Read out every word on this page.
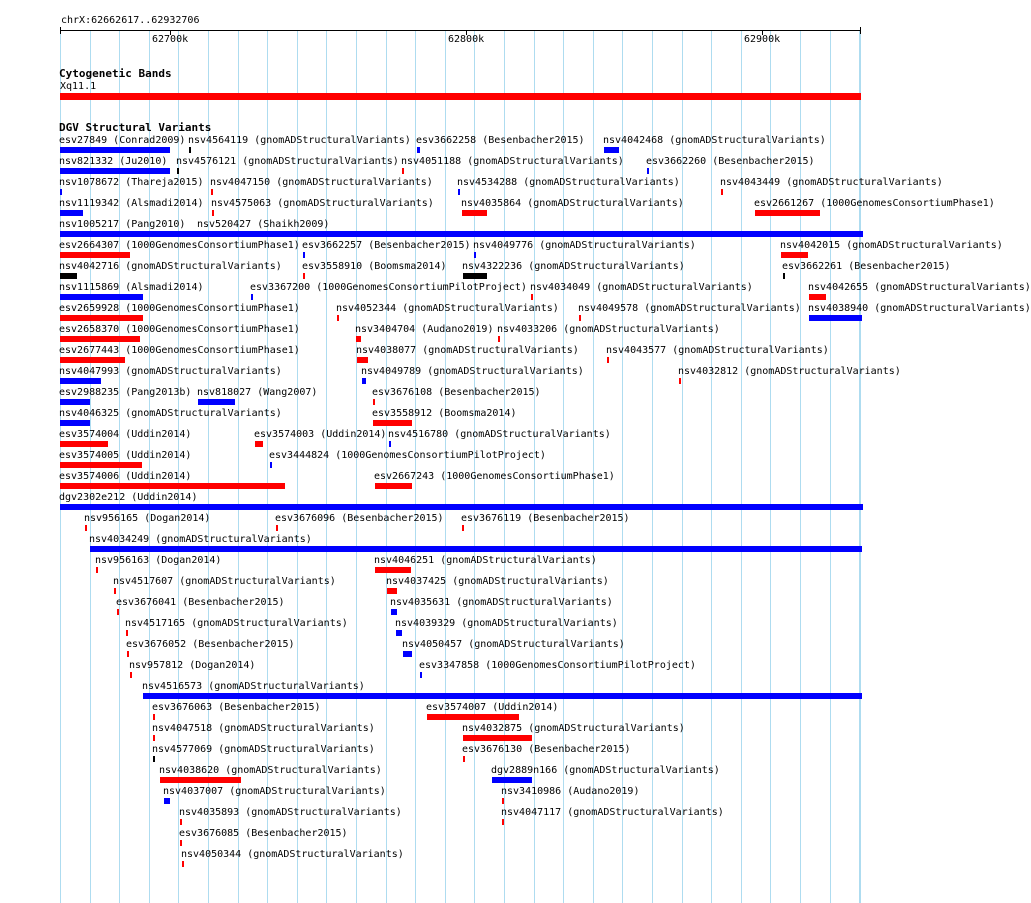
chrX:62662617..62932706
62700k	62800k	62900k
Cytogenetic Bands
Xq11.1
DGV Structural Variants
esv27849 (Conrad2009) nsv4564119 (gnomADStructuralVariants) esv3662258 (Besenbacher2015) nsv4042468 (gnomADStructuralVariants)
nsv821332 (Ju2010) nsv4576121 (gnomADStructuralVariants) nsv4051188 (gnomADStructuralVariants) esv3662260 (Besenbacher2015)
nsv1078672 (Thareja2015) nsv4047150 (gnomADStructuralVariants) nsv4534288 (gnomADStructuralVariants)	nsv4043449 (gnomADStructuralVariants)
nsv1119342 (Alsmadi2014) nsv4575063 (gnomADStructuralVariants)	nsv4035864 (gnomADStructuralVariants)	esv2661267 (1000GenomesConsortiumPhase1)
nsv1005217 (Pang2010) nsv520427 (Shaikh2009)
esv2664307 (1000GenomesConsortiumPhase1) esv3662257 (Besenbacher2015) nsv4049776 (gnomADStructuralVariants)	nsv4042015 (gnomADStructuralVariants)
nsv4042716 (gnomADStructuralVariants) esv3558910 (Boomsma2014) nsv4322236 (gnomADStructuralVariants)	esv3662261 (Besenbacher2015)
nsv1115869 (Alsmadi2014)	esv3367200 (1000GenomesConsortiumPilotProject) nsv4034049 (gnomADStructuralVariants)	nsv4042655 (gnomADStructuralVariants)
esv2659928 (1000GenomesConsortiumPhase1)	nsv4052344 (gnomADStructuralVariants) nsv4049578 (gnomADStructuralVariants) nsv4038940 (gnomADStructuralVariants)
esv2658370 (1000GenomesConsortiumPhase1)	nsv3404704 (Audano2019) nsv4033206 (gnomADStructuralVariants)
esv2677443 (1000GenomesConsortiumPhase1)	nsv4038077 (gnomADStructuralVariants)	nsv4043577 (gnomADStructuralVariants)
nsv4047993 (gnomADStructuralVariants)	nsv4049789 (gnomADStructuralVariants)	nsv4032812 (gnomADStructuralVariants)
esv2988235 (Pang2013b) nsv818027 (Wang2007)	esv3676108 (Besenbacher2015)
nsv4046325 (gnomADStructuralVariants)	esv3558912 (Boomsma2014)
esv3574004 (Uddin2014)	esv3574003 (Uddin2014) nsv4516780 (gnomADStructuralVariants)
esv3574005 (Uddin2014)	esv3444824 (1000GenomesConsortiumPilotProject)
esv3574006 (Uddin2014)	esv2667243 (1000GenomesConsortiumPhase1)
dgv2302e212 (Uddin2014)
nsv956165 (Dogan2014)	esv3676096 (Besenbacher2015) esv3676119 (Besenbacher2015)
nsv4034249 (gnomADStructuralVariants)
nsv956163 (Dogan2014)	nsv4046251 (gnomADStructuralVariants)
nsv4517607 (gnomADStructuralVariants)	nsv4037425 (gnomADStructuralVariants)
esv3676041 (Besenbacher2015)	nsv4035631 (gnomADStructuralVariants)
nsv4517165 (gnomADStructuralVariants)	nsv4039329 (gnomADStructuralVariants)
esv3676052 (Besenbacher2015)	nsv4050457 (gnomADStructuralVariants)
nsv957812 (Dogan2014)	esv3347858 (1000GenomesConsortiumPilotProject)
nsv4516573 (gnomADStructuralVariants)
esv3676063 (Besenbacher2015)	esv3574007 (Uddin2014)
nsv4047518 (gnomADStructuralVariants)	nsv4032875 (gnomADStructuralVariants)
nsv4577069 (gnomADStructuralVariants)	esv3676130 (Besenbacher2015)
nsv4038620 (gnomADStructuralVariants)	dgv2889n166 (gnomADStructuralVariants)
nsv4037007 (gnomADStructuralVariants)	nsv3410986 (Audano2019)
nsv4035893 (gnomADStructuralVariants)	nsv4047117 (gnomADStructuralVariants)
esv3676085 (Besenbacher2015)
nsv4050344 (gnomADStructuralVariants)
